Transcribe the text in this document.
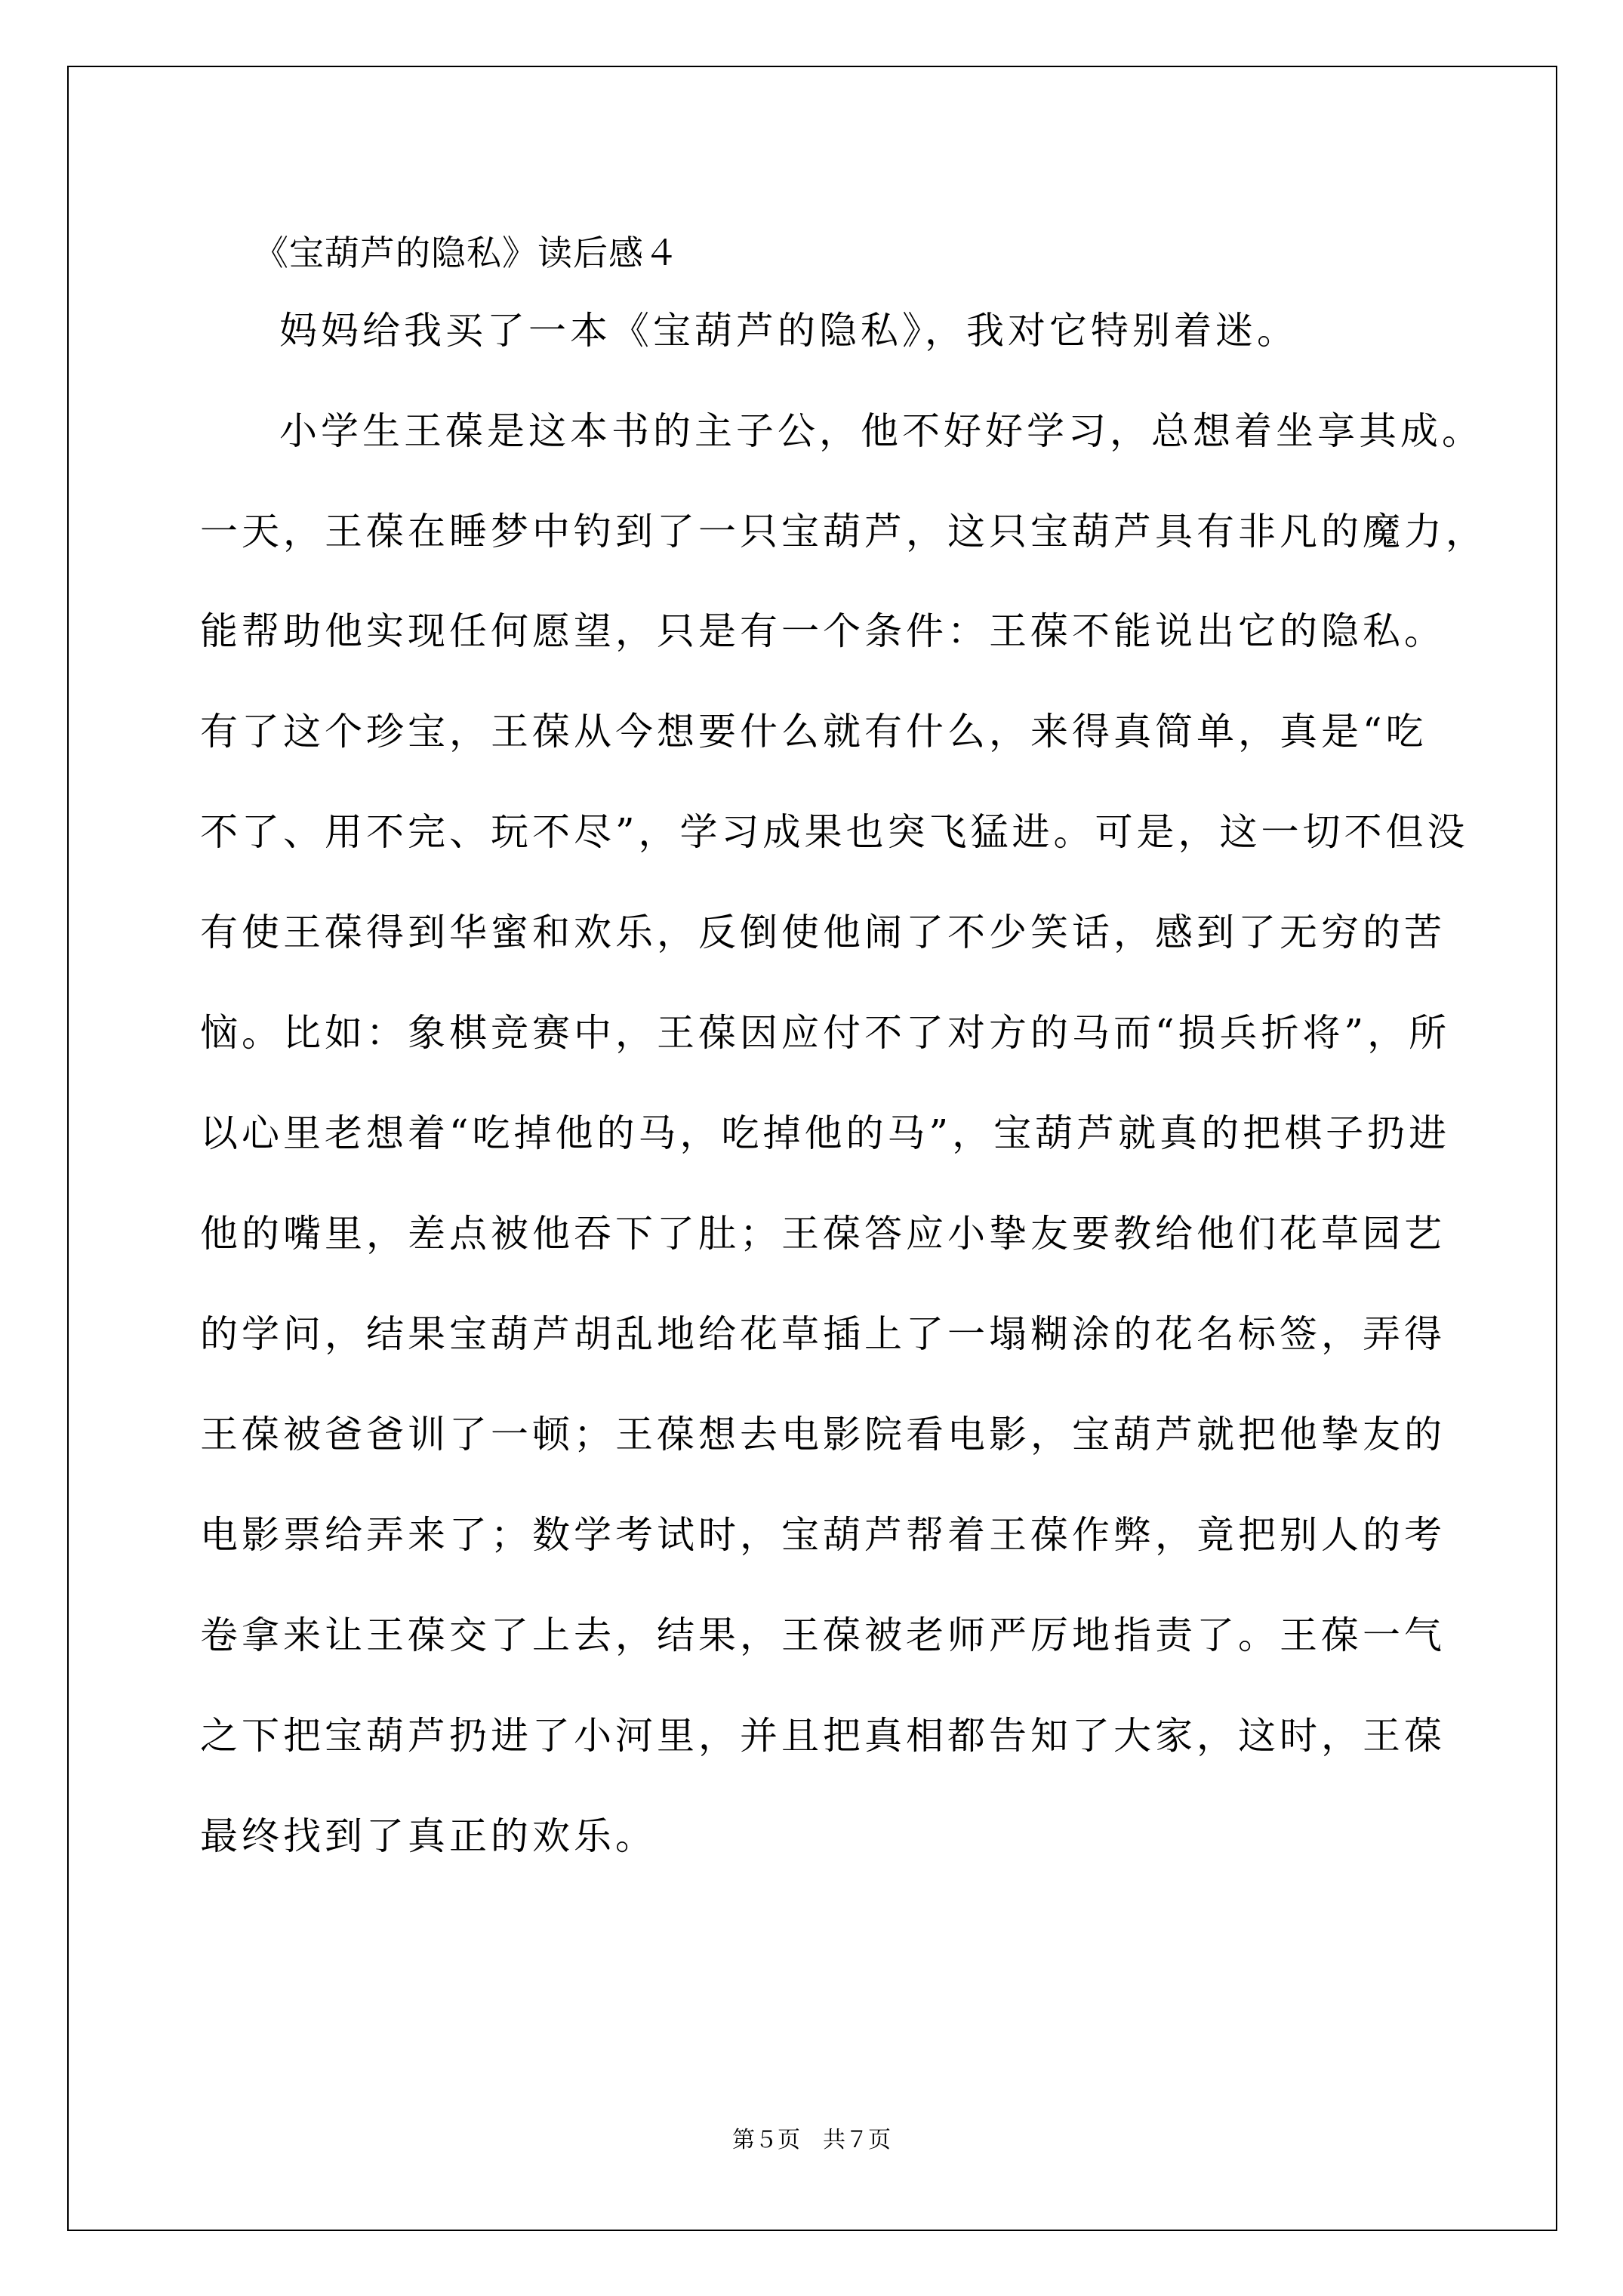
《宝葫芦的隐私》读后感４
妈妈给我买了一本《宝葫芦的隐私》，我对它特别着迷。
小学生王葆是这本书的主子公，他不好好学习，总想着坐享其成。
一天，王葆在睡梦中钓到了一只宝葫芦，这只宝葫芦具有非凡的魔力，
能帮助他实现任何愿望，只是有一个条件：王葆不能说出它的隐私。
有了这个珍宝，王葆从今想要什么就有什么，来得真简单，真是“吃
不了、用不完、玩不尽”，学习成果也突飞猛进。可是，这一切不但没
有使王葆得到华蜜和欢乐，反倒使他闹了不少笑话，感到了无穷的苦
恼。比如：象棋竞赛中，王葆因应付不了对方的马而“损兵折将”，所
以心里老想着“吃掉他的马，吃掉他的马”，宝葫芦就真的把棋子扔进
他的嘴里，差点被他吞下了肚；王葆答应小挚友要教给他们花草园艺
的学问，结果宝葫芦胡乱地给花草插上了一塌糊涂的花名标签，弄得
王葆被爸爸训了一顿；王葆想去电影院看电影，宝葫芦就把他挚友的
电影票给弄来了；数学考试时，宝葫芦帮着王葆作弊，竟把别人的考
卷拿来让王葆交了上去，结果，王葆被老师严厉地指责了。王葆一气
之下把宝葫芦扔进了小河里，并且把真相都告知了大家，这时，王葆
最终找到了真正的欢乐。
第５页　共７页
